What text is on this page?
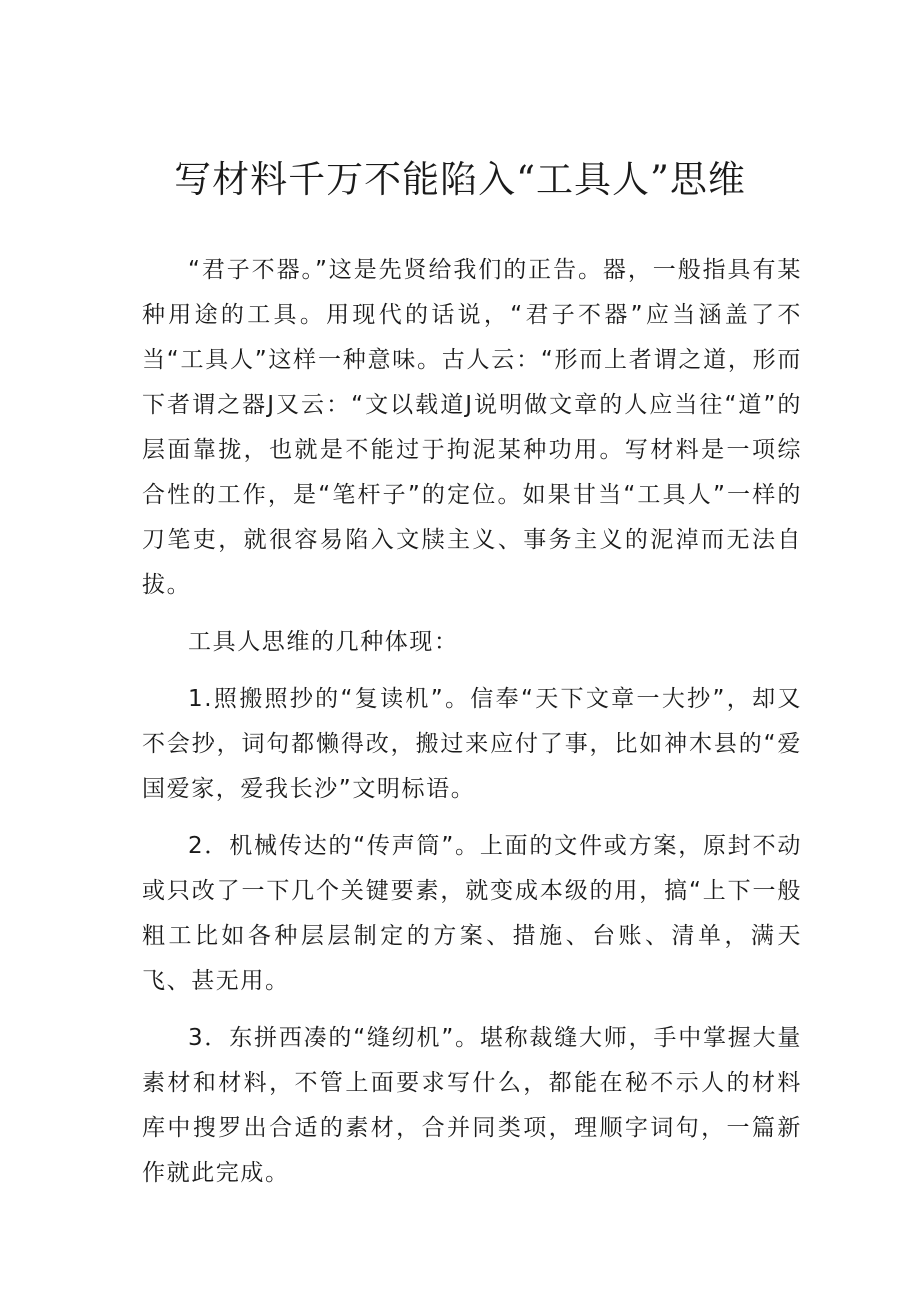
写材料千万不能陷入“工具人”思维

“君子不器。”这是先贤给我们的正告。器，一般指具有某种用途的工具。用现代的话说，“君子不器”应当涵盖了不当“工具人”这样一种意味。古人云：“形而上者谓之道，形而下者谓之器J又云：“文以载道J说明做文章的人应当往“道”的层面靠拢，也就是不能过于拘泥某种功用。写材料是一项综合性的工作，是“笔杆子”的定位。如果甘当“工具人”一样的刀笔吏，就很容易陷入文牍主义、事务主义的泥淖而无法自拔。

工具人思维的几种体现：

1.照搬照抄的“复读机”。信奉“天下文章一大抄”，却又不会抄，词句都懒得改，搬过来应付了事，比如神木县的“爱国爱家，爱我长沙”文明标语。

2．机械传达的“传声筒”。上面的文件或方案，原封不动或只改了一下几个关键要素，就变成本级的用，搞“上下一般粗工比如各种层层制定的方案、措施、台账、清单，满天飞、甚无用。

3．东拼西凑的“缝纫机”。堪称裁缝大师，手中掌握大量素材和材料，不管上面要求写什么，都能在秘不示人的材料库中搜罗出合适的素材，合并同类项，理顺字词句，一篇新作就此完成。
